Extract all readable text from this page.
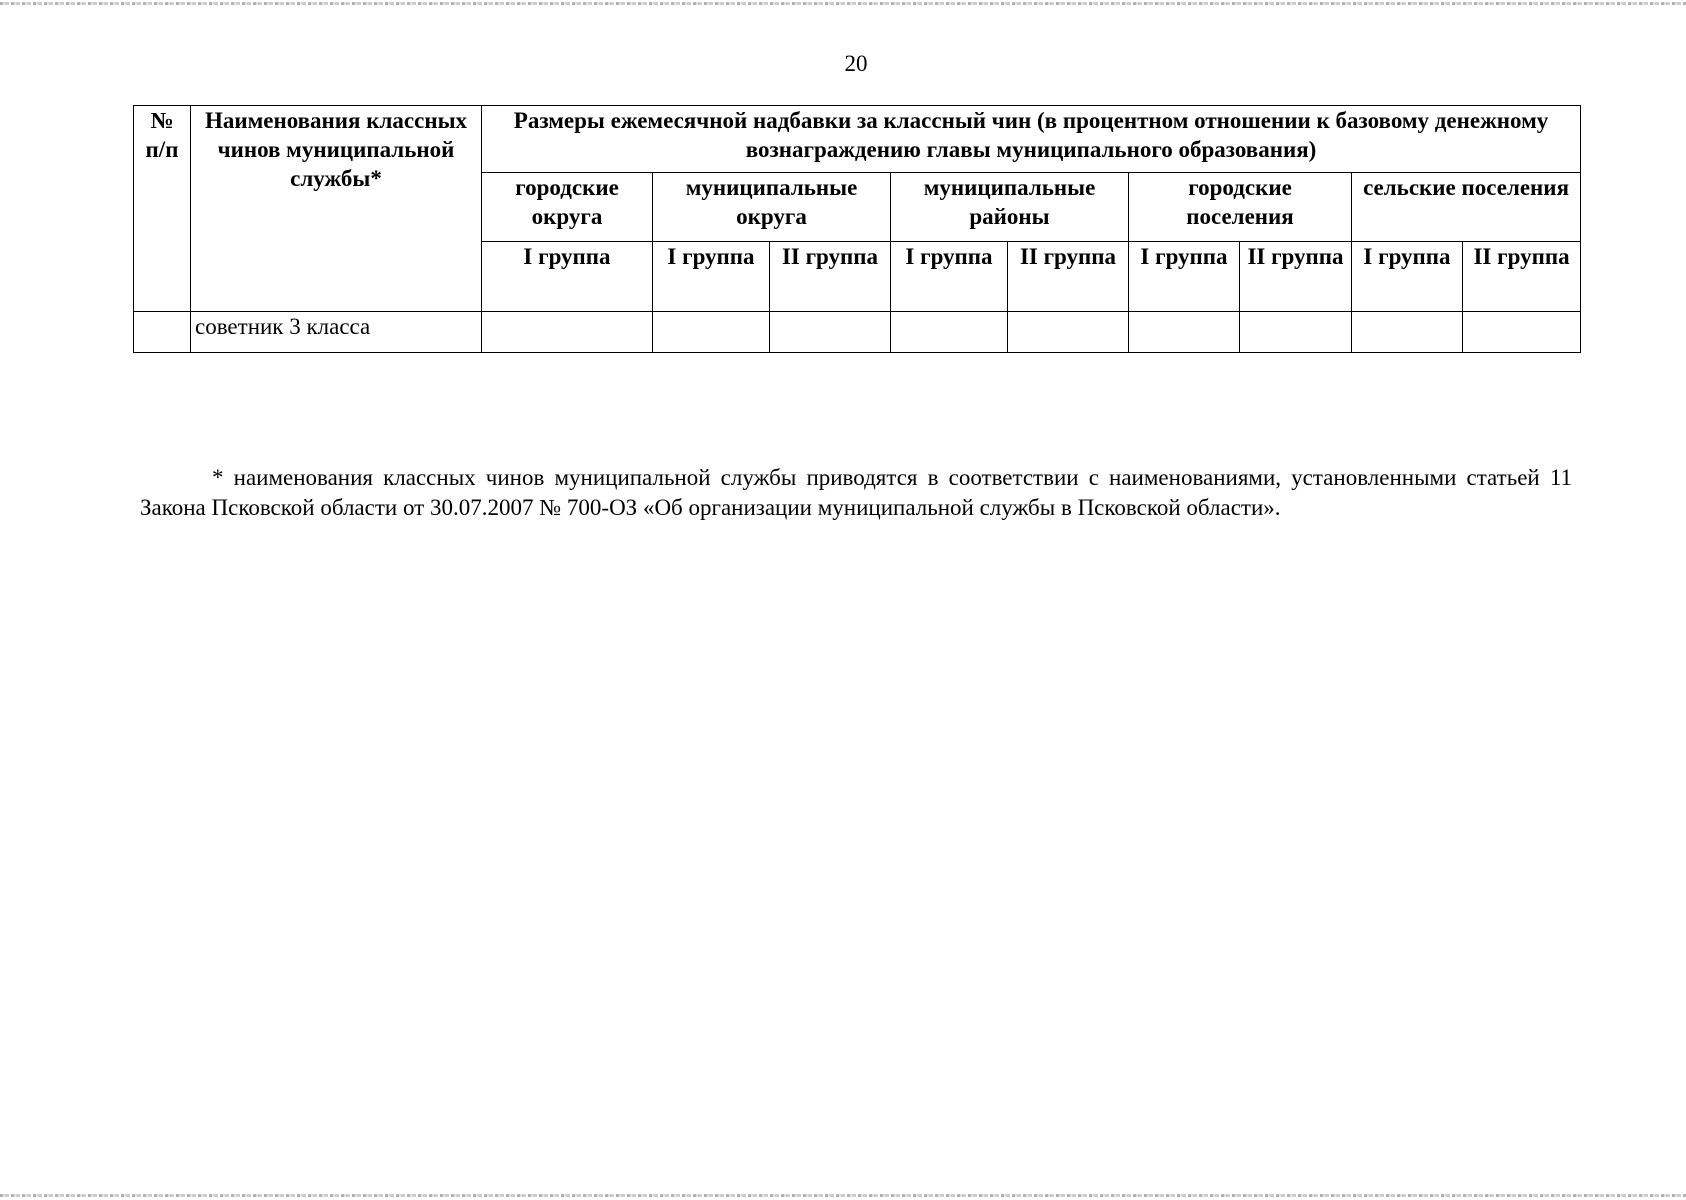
20
№ п/п	Наименования классных чинов муниципальной службы*	Размеры ежемесячной надбавки за классный чин (в процентном отношении к базовому денежному вознаграждению главы муниципального образования)								
		городские округа	муниципальные округа		муниципальные районы		городские поселения		сельские поселения	
		I группа	I группа	II группа	I группа	II группа	I группа	II группа	I группа	II группа
	советник 3 класса									

* наименования классных чинов муниципальной службы приводятся в соответствии с наименованиями, установленными статьей 11 Закона Псковской области от 30.07.2007 № 700-ОЗ «Об организации муниципальной службы в Псковской области».
